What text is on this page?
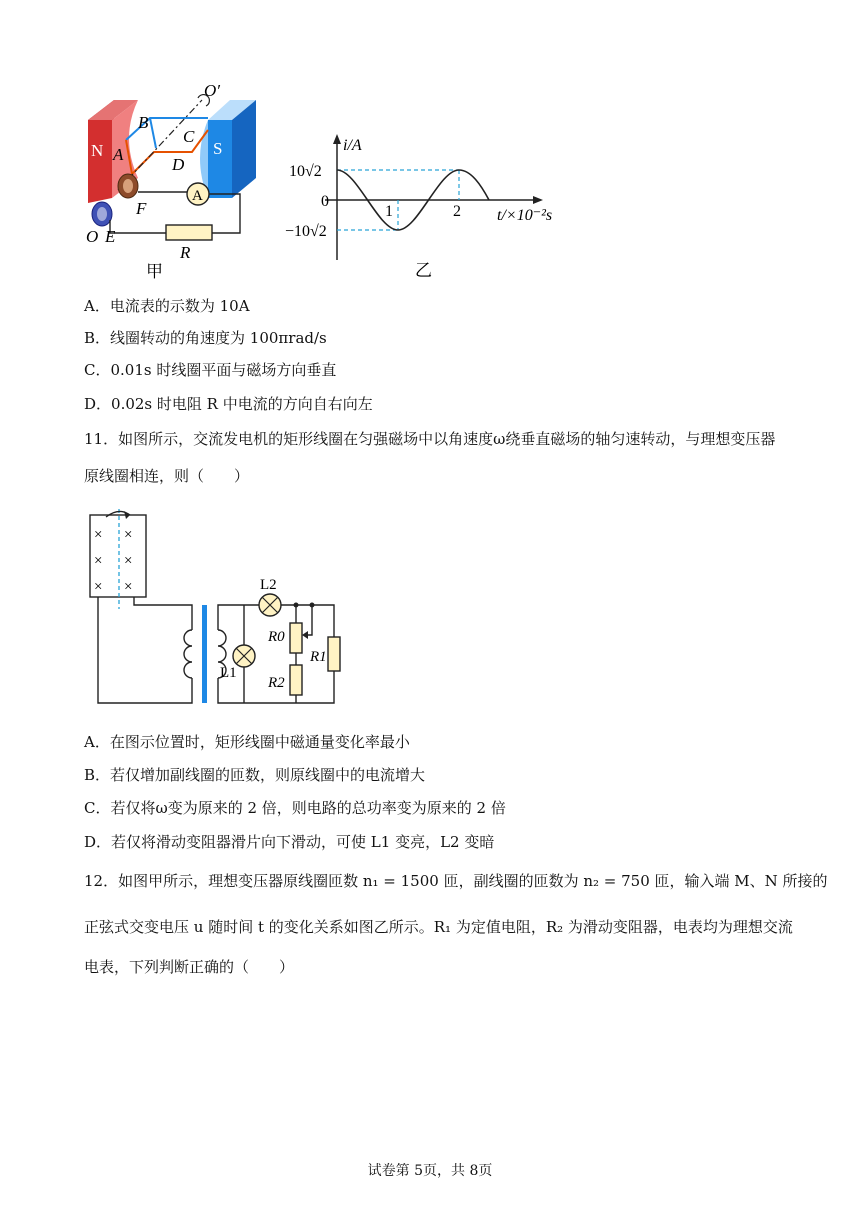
N	S
A
B
C
D
O′
F
O E
A
R
甲
i/A
10√2
0
−10√2
1	2 t/×10⁻²s
乙
A．电流表的示数为 10A
B．线圈转动的角速度为 100πrad/s
C．0.01s 时线圈平面与磁场方向垂直
D．0.02s 时电阻 R 中电流的方向自右向左
11．如图所示，交流发电机的矩形线圈在匀强磁场中以角速度ω绕垂直磁场的轴匀速转动，与理想变压器
原线圈相连，则（　　）
× ×
× ×
× ×	L2
L1
R0
R2
R1
A．在图示位置时，矩形线圈中磁通量变化率最小
B．若仅增加副线圈的匝数，则原线圈中的电流增大
C．若仅将ω变为原来的 2 倍，则电路的总功率变为原来的 2 倍
D．若仅将滑动变阻器滑片向下滑动，可使 L1 变亮，L2 变暗
12．如图甲所示，理想变压器原线圈匝数 n₁ = 1500 匝，副线圈的匝数为 n₂ = 750 匝，输入端 M、N 所接的
正弦式交变电压 u 随时间 t 的变化关系如图乙所示。R₁ 为定值电阻，R₂ 为滑动变阻器，电表均为理想交流
电表，下列判断正确的（　　）
试卷第 5页，共 8页
